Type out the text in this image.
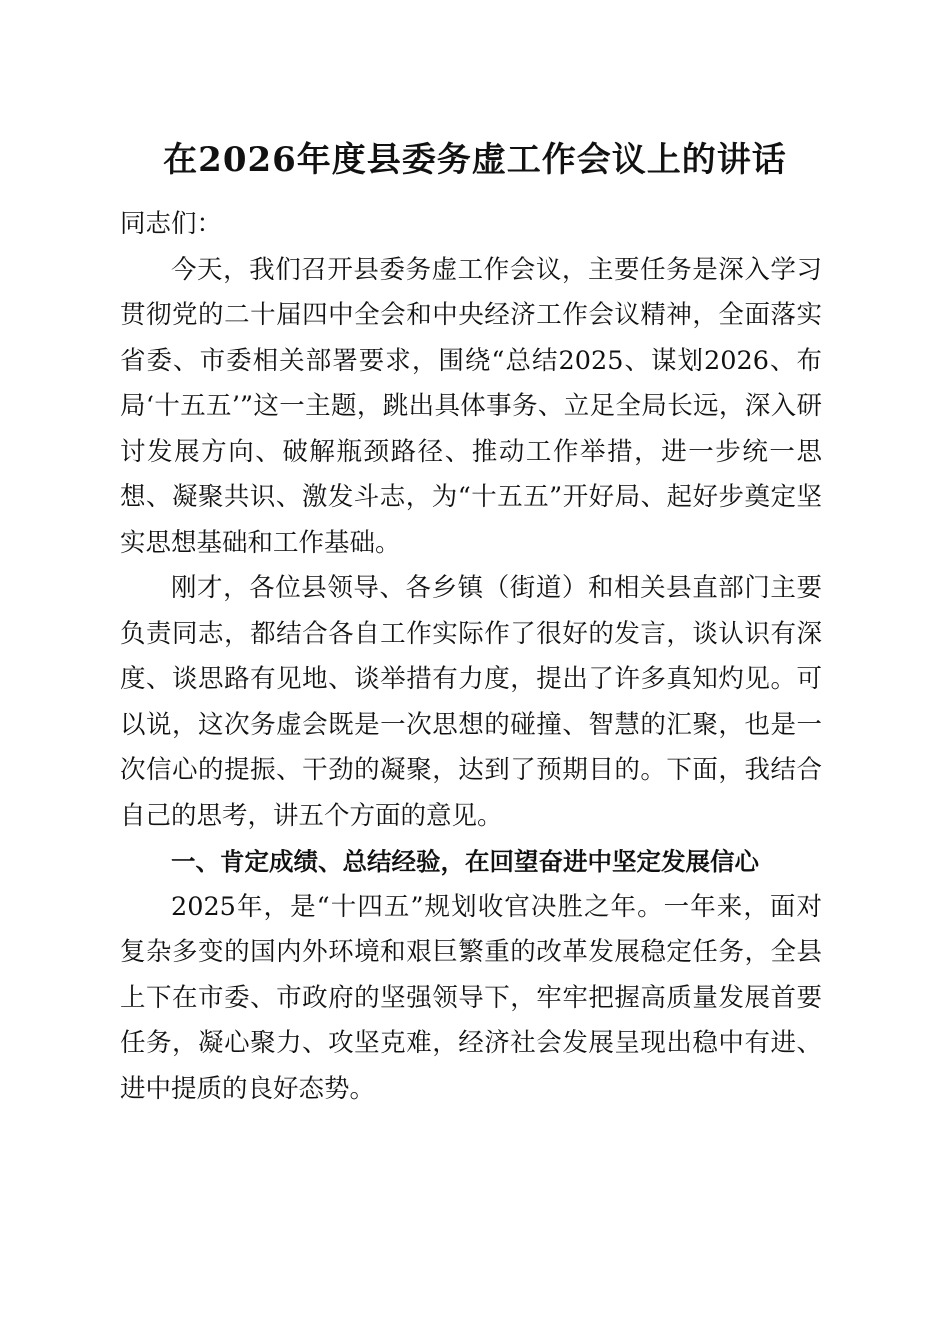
在2026年度县委务虚工作会议上的讲话

同志们：

今天，我们召开县委务虚工作会议，主要任务是深入学习贯彻党的二十届四中全会和中央经济工作会议精神，全面落实省委、市委相关部署要求，围绕“总结2025、谋划2026、布局‘十五五’”这一主题，跳出具体事务、立足全局长远，深入研讨发展方向、破解瓶颈路径、推动工作举措，进一步统一思想、凝聚共识、激发斗志，为“十五五”开好局、起好步奠定坚实思想基础和工作基础。

刚才，各位县领导、各乡镇（街道）和相关县直部门主要负责同志，都结合各自工作实际作了很好的发言，谈认识有深度、谈思路有见地、谈举措有力度，提出了许多真知灼见。可以说，这次务虚会既是一次思想的碰撞、智慧的汇聚，也是一次信心的提振、干劲的凝聚，达到了预期目的。下面，我结合自己的思考，讲五个方面的意见。

一、肯定成绩、总结经验，在回望奋进中坚定发展信心

2025年，是“十四五”规划收官决胜之年。一年来，面对复杂多变的国内外环境和艰巨繁重的改革发展稳定任务，全县上下在市委、市政府的坚强领导下，牢牢把握高质量发展首要任务，凝心聚力、攻坚克难，经济社会发展呈现出稳中有进、进中提质的良好态势。
